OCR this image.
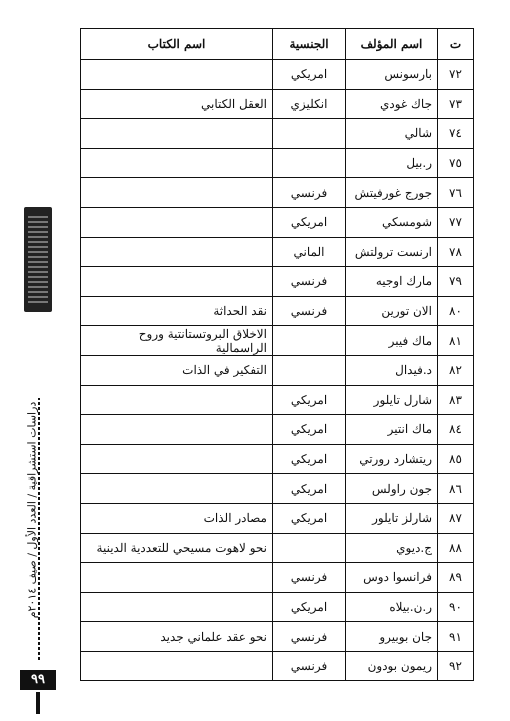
دراسات استشراقية / العدد الأول / صيف ٢٠١٤م
٩٩
ت	اسم المؤلف	الجنسية	اسم الكتاب
٧٢	بارسونس	امريكي	
٧٣	جاك غودي	انكليزي	العقل الكتابي
٧٤	شالي		
٧٥	ر.بيل		
٧٦	جورج غورفيتش	فرنسي	
٧٧	شومسكي	امريكي	
٧٨	ارنست ترولتش	الماني	
٧٩	مارك اوجيه	فرنسي	
٨٠	الان تورين	فرنسي	نقد الحداثة
٨١	ماك فيبر		الاخلاق البروتستانتية وروح الراسمالية
٨٢	د.فيدال		التفكير في الذات
٨٣	شارل تايلور	امريكي	
٨٤	ماك انتير	امريكي	
٨٥	ريتشارد رورتي	امريكي	
٨٦	جون راولس	امريكي	
٨٧	شارلز تايلور	امريكي	مصادر الذات
٨٨	ج.ديوي		نحو لاهوت مسيحي للتعددية الدينية
٨٩	فرانسوا دوس	فرنسي	
٩٠	ر.ن.بيلاه	امريكي	
٩١	جان بوبيرو	فرنسي	نحو عقد علماني جديد
٩٢	ريمون بودون	فرنسي	
